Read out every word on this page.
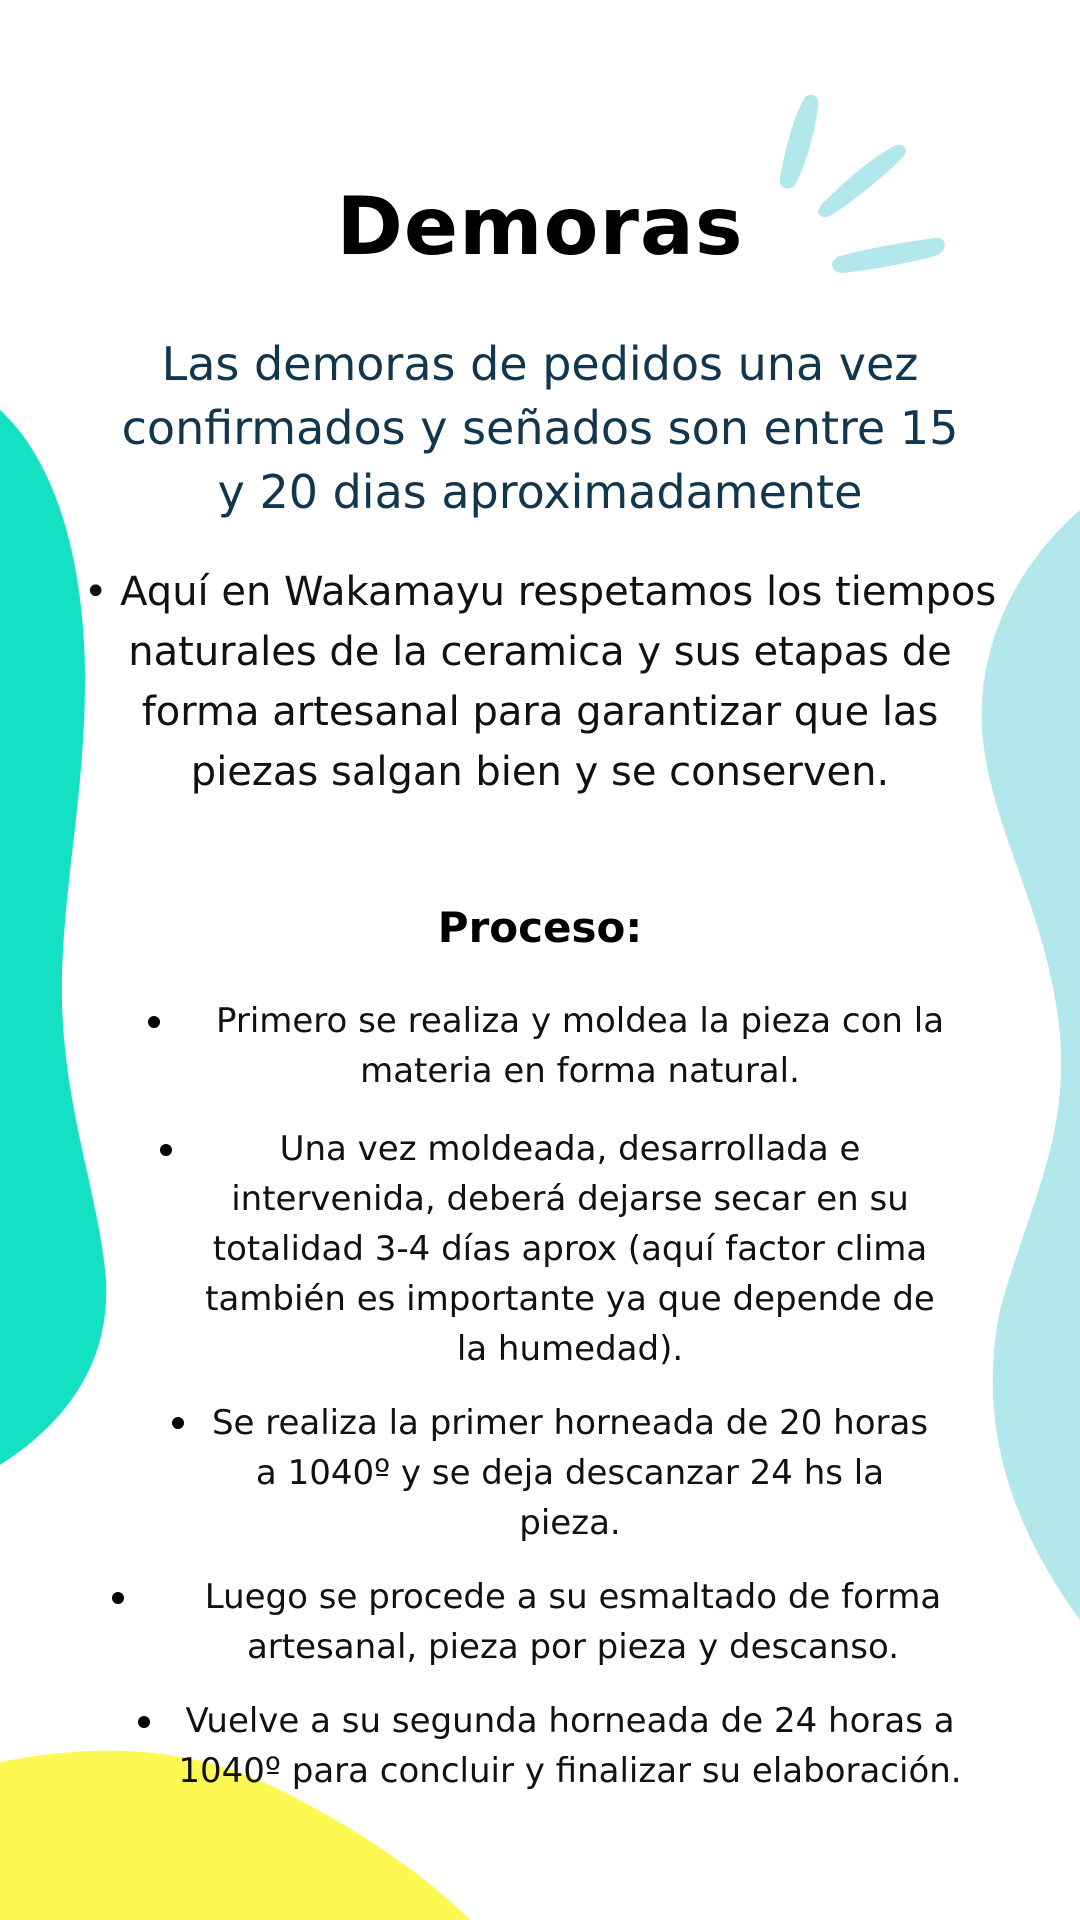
Demoras
Las demoras de pedidos una vez confirmados y señados son entre 15 y 20 dias aproximadamente

• Aquí en Wakamayu respetamos los tiempos naturales de la ceramica y sus etapas de forma artesanal para garantizar que las piezas salgan bien y se conserven.

Proceso:

Primero se realiza y moldea la pieza con la materia en forma natural.

Una vez moldeada, desarrollada e intervenida, deberá dejarse secar en su totalidad 3-4 días aprox (aquí factor clima también es importante ya que depende de la humedad).

Se realiza la primer horneada de 20 horas a 1040º y se deja descanzar 24 hs la pieza.

Luego se procede a su esmaltado de forma artesanal, pieza por pieza y descanso.

Vuelve a su segunda horneada de 24 horas a 1040º para concluir y finalizar su elaboración.
